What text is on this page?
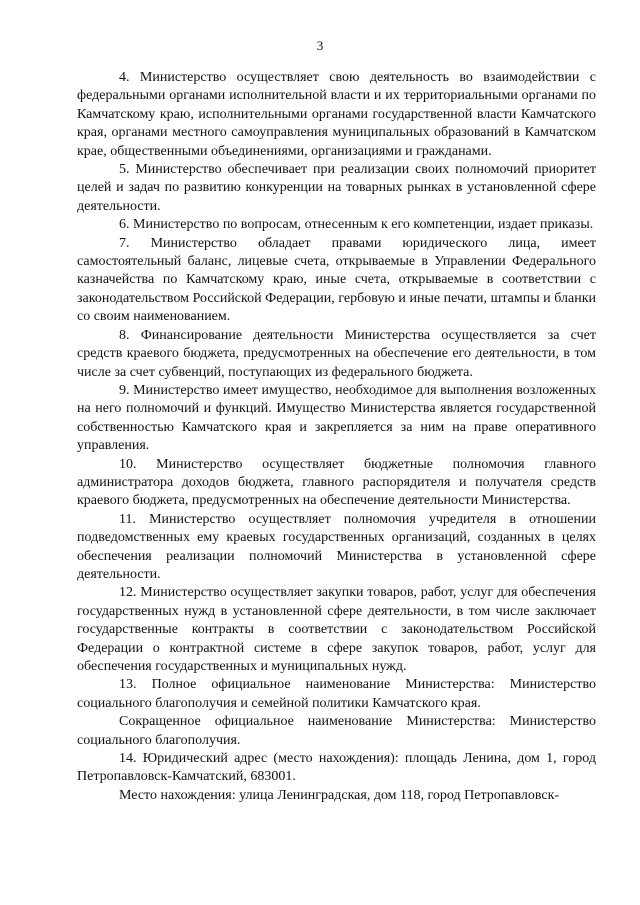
3

4. Министерство осуществляет свою деятельность во взаимодействии с федеральными органами исполнительной власти и их территориальными органами по Камчатскому краю, исполнительными органами государственной власти Камчатского края, органами местного самоуправления муниципальных образований в Камчатском крае, общественными объединениями, организациями и гражданами.

5. Министерство обеспечивает при реализации своих полномочий приоритет целей и задач по развитию конкуренции на товарных рынках в установленной сфере деятельности.

6. Министерство по вопросам, отнесенным к его компетенции, издает приказы.

7. Министерство обладает правами юридического лица, имеет самостоятельный баланс, лицевые счета, открываемые в Управлении Федерального казначейства по Камчатскому краю, иные счета, открываемые в соответствии с законодательством Российской Федерации, гербовую и иные печати, штампы и бланки со своим наименованием.

8. Финансирование деятельности Министерства осуществляется за счет средств краевого бюджета, предусмотренных на обеспечение его деятельности, в том числе за счет субвенций, поступающих из федерального бюджета.

9. Министерство имеет имущество, необходимое для выполнения возложенных на него полномочий и функций. Имущество Министерства является государственной собственностью Камчатского края и закрепляется за ним на праве оперативного управления.

10. Министерство осуществляет бюджетные полномочия главного администратора доходов бюджета, главного распорядителя и получателя средств краевого бюджета, предусмотренных на обеспечение деятельности Министерства.

11. Министерство осуществляет полномочия учредителя в отношении подведомственных ему краевых государственных организаций, созданных в целях обеспечения реализации полномочий Министерства в установленной сфере деятельности.

12. Министерство осуществляет закупки товаров, работ, услуг для обеспечения государственных нужд в установленной сфере деятельности, в том числе заключает государственные контракты в соответствии с законодательством Российской Федерации о контрактной системе в сфере закупок товаров, работ, услуг для обеспечения государственных и муниципальных нужд.

13. Полное официальное наименование Министерства: Министерство социального благополучия и семейной политики Камчатского края.

Сокращенное официальное наименование Министерства: Министерство социального благополучия.

14. Юридический адрес (место нахождения): площадь Ленина, дом 1, город Петропавловск-Камчатский, 683001.

Место нахождения: улица Ленинградская, дом 118, город Петропавловск-
